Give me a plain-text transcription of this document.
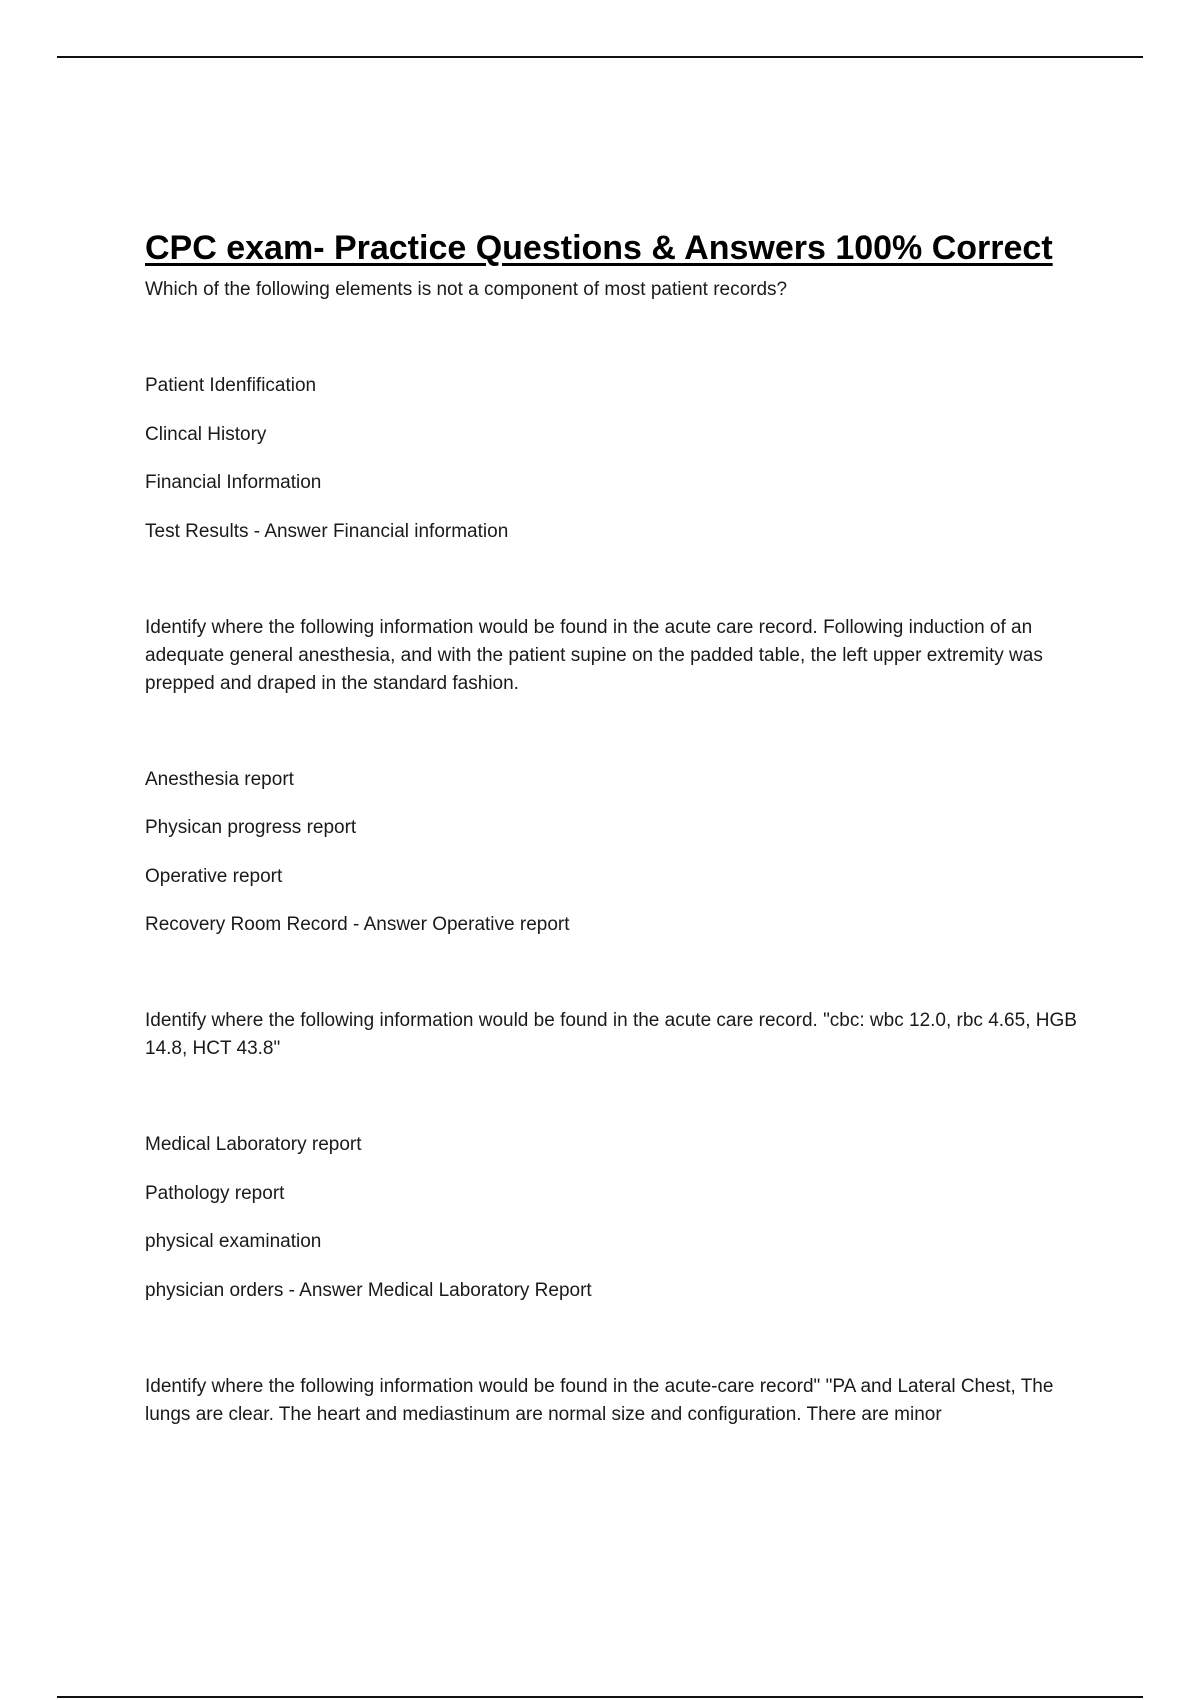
CPC exam- Practice Questions & Answers 100% Correct

Which of the following elements is not a component of most patient records?

Patient Idenfification
Clincal History
Financial Information
Test Results - Answer Financial information

Identify where the following information would be found in the acute care record. Following induction of an adequate general anesthesia, and with the patient supine on the padded table, the left upper extremity was prepped and draped in the standard fashion.

Anesthesia report
Physican progress report
Operative report
Recovery Room Record - Answer Operative report

Identify where the following information would be found in the acute care record. "cbc: wbc 12.0, rbc 4.65, HGB 14.8, HCT 43.8"

Medical Laboratory report
Pathology report
physical examination
physician orders - Answer Medical Laboratory Report

Identify where the following information would be found in the acute-care record" "PA and Lateral Chest, The lungs are clear. The heart and mediastinum are normal size and configuration. There are minor
